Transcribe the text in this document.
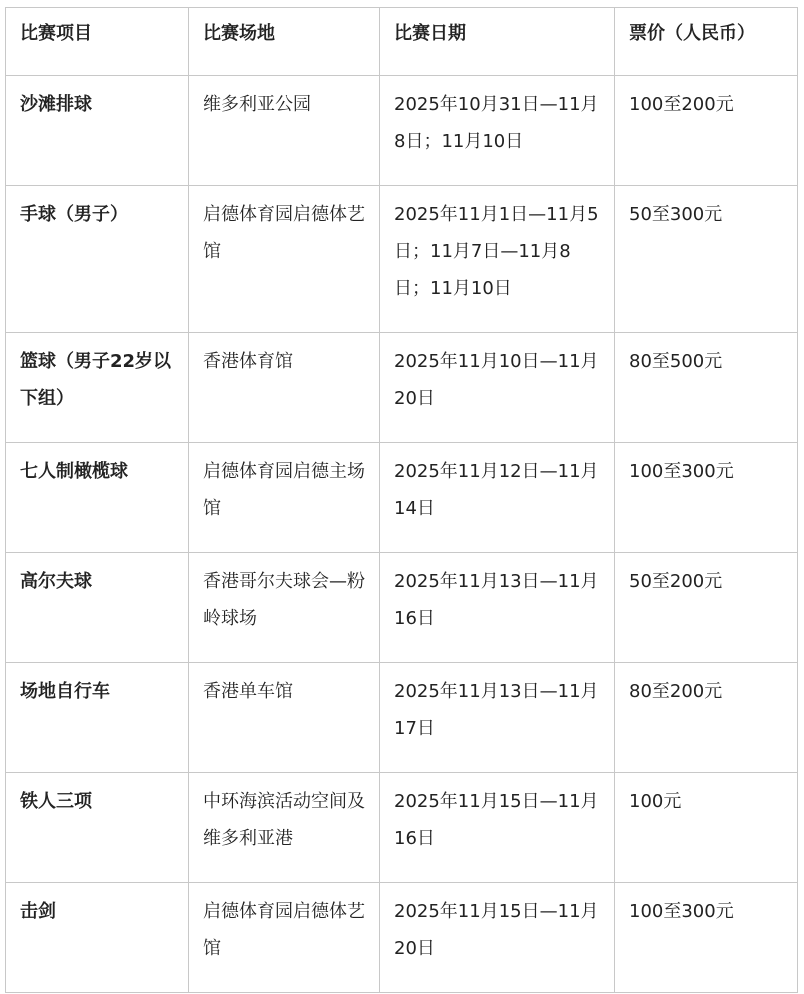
比赛项目	比赛场地	比赛日期	票价（人民币）
沙滩排球	维多利亚公园	2025年10月31日—11月8日；11月10日	100至200元
手球（男子）	启德体育园启德体艺馆	2025年11月1日—11月5日；11月7日—11月8日；11月10日	50至300元
篮球（男子22岁以下组）	香港体育馆	2025年11月10日—11月20日	80至500元
七人制橄榄球	启德体育园启德主场馆	2025年11月12日—11月14日	100至300元
高尔夫球	香港哥尔夫球会—粉岭球场	2025年11月13日—11月16日	50至200元
场地自行车	香港单车馆	2025年11月13日—11月17日	80至200元
铁人三项	中环海滨活动空间及维多利亚港	2025年11月15日—11月16日	100元
击剑	启德体育园启德体艺馆	2025年11月15日—11月20日	100至300元
